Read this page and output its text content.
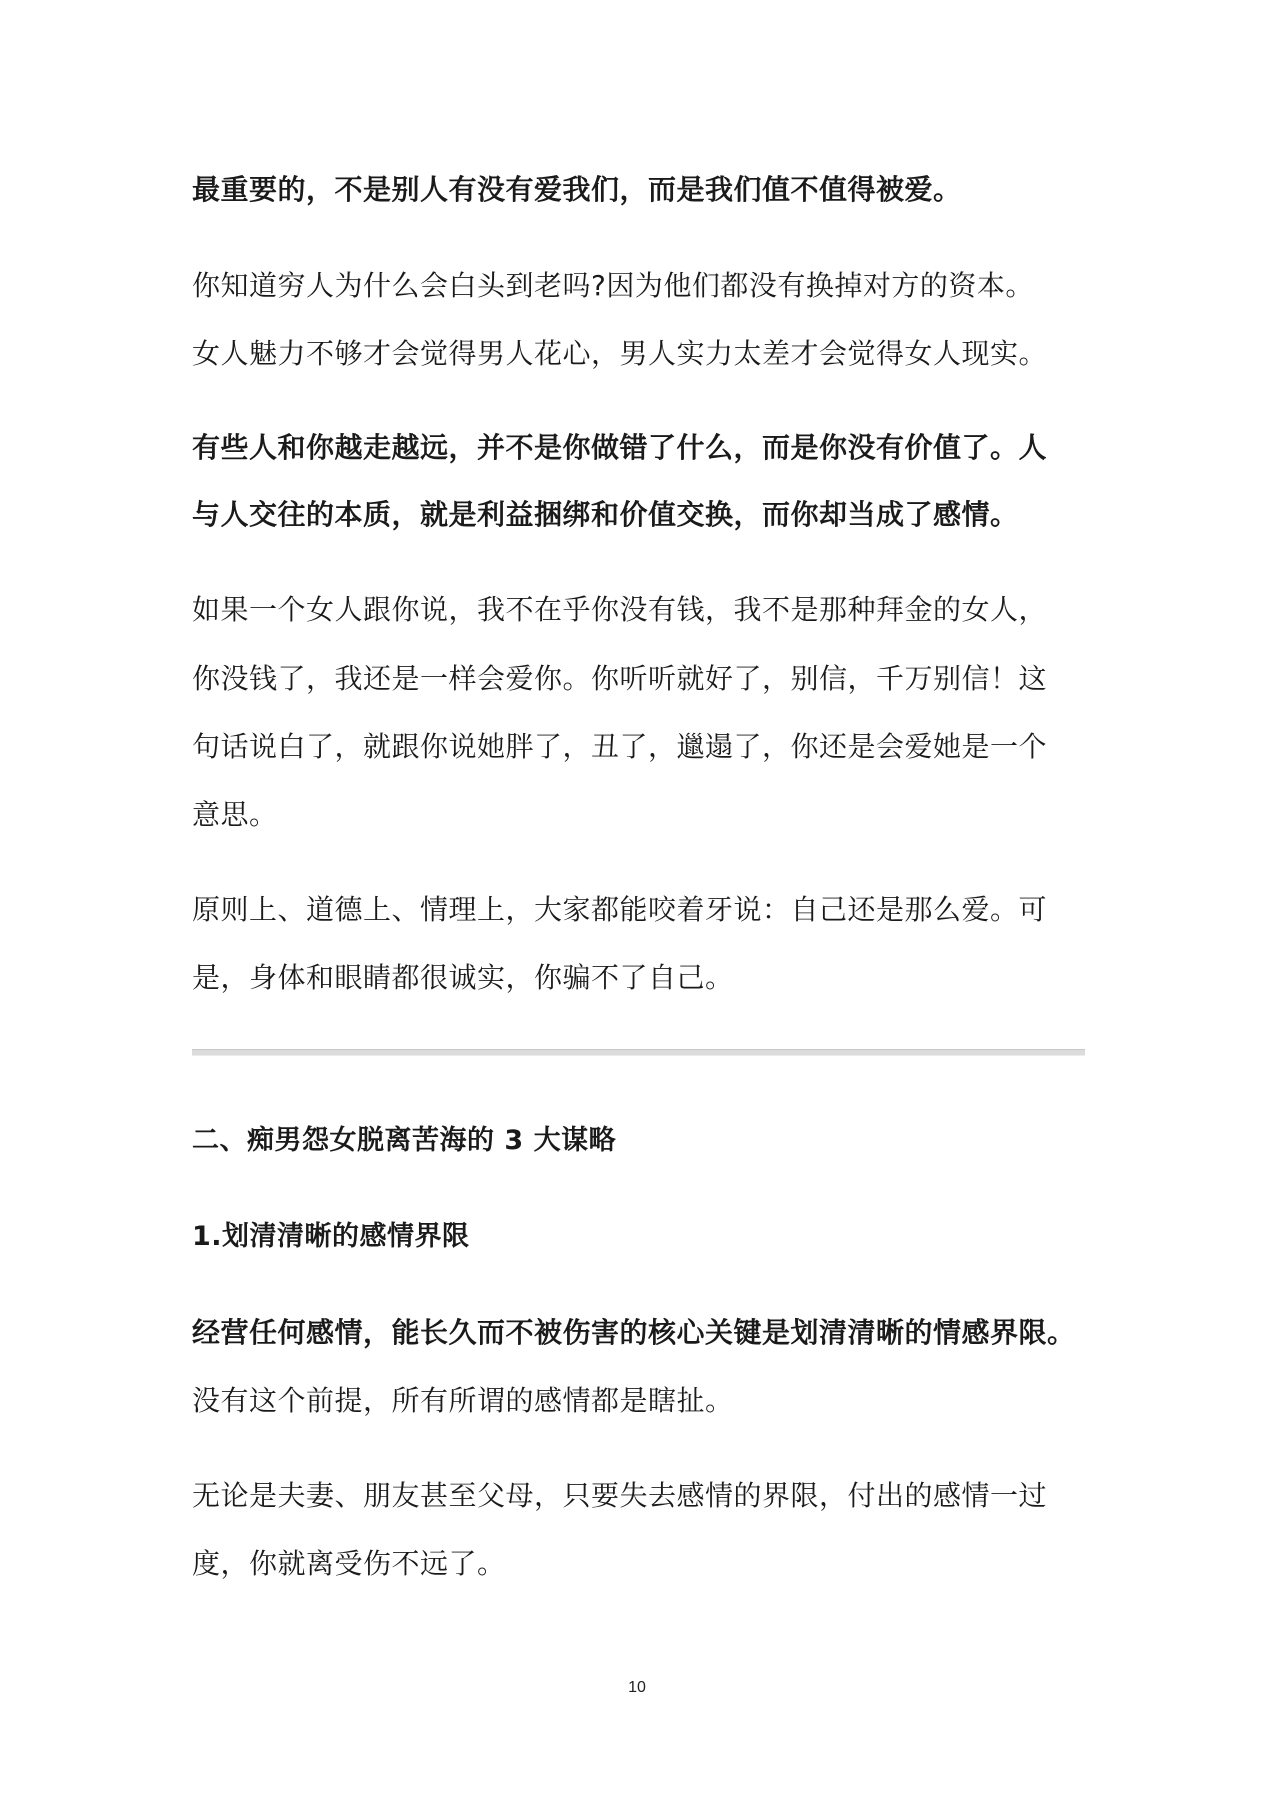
最重要的，不是别人有没有爱我们，而是我们值不值得被爱。
你知道穷人为什么会白头到老吗?因为他们都没有换掉对方的资本。
女人魅力不够才会觉得男人花心，男人实力太差才会觉得女人现实。
有些人和你越走越远，并不是你做错了什么，而是你没有价值了。人
与人交往的本质，就是利益捆绑和价值交换，而你却当成了感情。
如果一个女人跟你说，我不在乎你没有钱，我不是那种拜金的女人，
你没钱了，我还是一样会爱你。你听听就好了，别信，千万别信！这
句话说白了，就跟你说她胖了，丑了，邋遢了，你还是会爱她是一个
意思。
原则上、道德上、情理上，大家都能咬着牙说：自己还是那么爱。可
是，身体和眼睛都很诚实，你骗不了自己。
二、痴男怨女脱离苦海的 3 大谋略
1.划清清晰的感情界限
经营任何感情，能长久而不被伤害的核心关键是划清清晰的情感界限。
没有这个前提，所有所谓的感情都是瞎扯。
无论是夫妻、朋友甚至父母，只要失去感情的界限，付出的感情一过
度，你就离受伤不远了。
10
